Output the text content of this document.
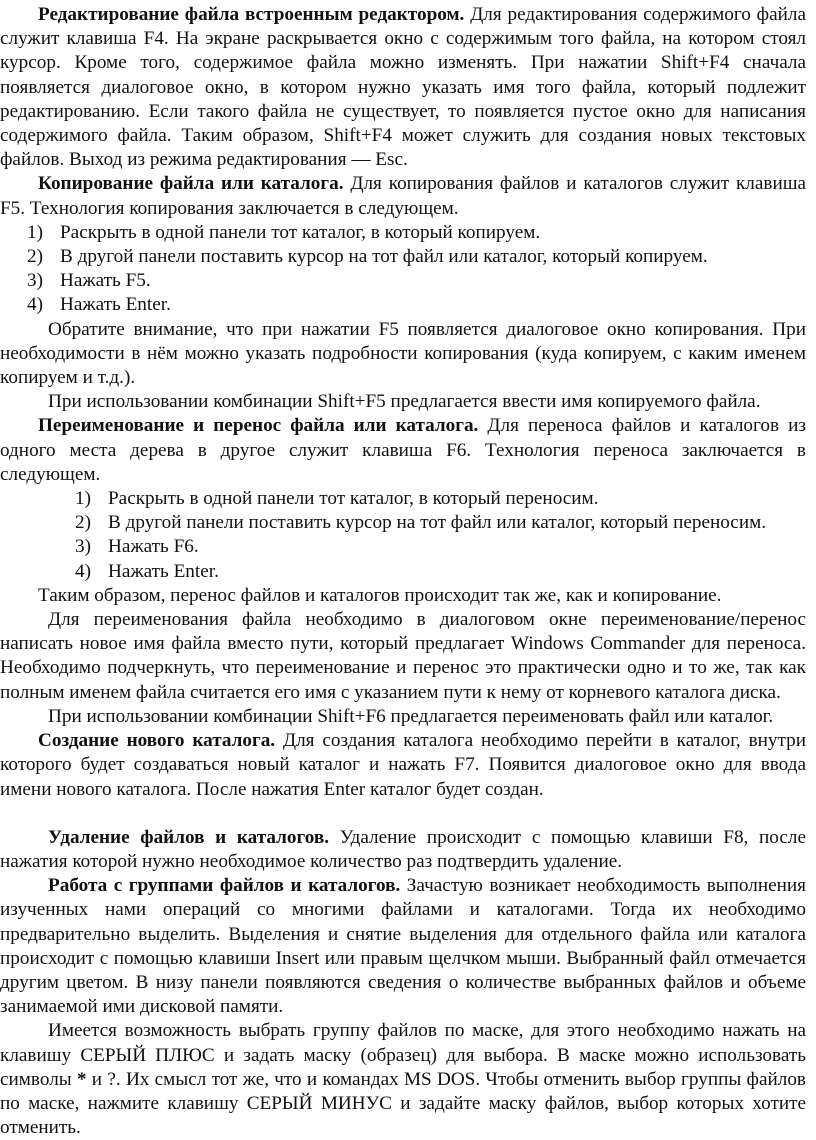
Редактирование файла встроенным редактором. Для редактирования содержимого файла служит клавиша F4. На экране раскрывается окно с содержимым того файла, на котором стоял курсор. Кроме того, содержимое файла можно изменять. При нажатии Shift+F4 сначала появляется диалоговое окно, в котором нужно указать имя того файла, который подлежит редактированию. Если такого файла не существует, то появляется пустое окно для написания содержимого файла. Таким образом, Shift+F4 может служить для создания новых текстовых файлов. Выход из режима редактирования — Esc.

Копирование файла или каталога. Для копирования файлов и каталогов служит клавиша F5. Технология копирования заключается в следующем.

1) Раскрыть в одной панели тот каталог, в который копируем.
2) В другой панели поставить курсор на тот файл или каталог, который копируем.
3) Нажать F5.
4) Нажать Enter.

Обратите внимание, что при нажатии F5 появляется диалоговое окно копирования. При необходимости в нём можно указать подробности копирования (куда копируем, с каким именем копируем и т.д.).

При использовании комбинации Shift+F5 предлагается ввести имя копируемого файла.

Переименование и перенос файла или каталога. Для переноса файлов и каталогов из одного места дерева в другое служит клавиша F6. Технология переноса заключается в следующем.

1) Раскрыть в одной панели тот каталог, в который переносим.
2) В другой панели поставить курсор на тот файл или каталог, который переносим.
3) Нажать F6.
4) Нажать Enter.

Таким образом, перенос файлов и каталогов происходит так же, как и копирование.

Для переименования файла необходимо в диалоговом окне переименование/перенос написать новое имя файла вместо пути, который предлагает Windows Commander для переноса. Необходимо подчеркнуть, что переименование и перенос это практически одно и то же, так как полным именем файла считается его имя с указанием пути к нему от корневого каталога диска.

При использовании комбинации Shift+F6 предлагается переименовать файл или каталог.

Создание нового каталога. Для создания каталога необходимо перейти в каталог, внутри которого будет создаваться новый каталог и нажать F7. Появится диалоговое окно для ввода имени нового каталога. После нажатия Enter каталог будет создан.

Удаление файлов и каталогов. Удаление происходит с помощью клавиши F8, после нажатия которой нужно необходимое количество раз подтвердить удаление.

Работа с группами файлов и каталогов. Зачастую возникает необходимость выполнения изученных нами операций со многими файлами и каталогами. Тогда их необходимо предварительно выделить. Выделения и снятие выделения для отдельного файла или каталога происходит с помощью клавиши Insert или правым щелчком мыши. Выбранный файл отмечается другим цветом. В низу панели появляются сведения о количестве выбранных файлов и объеме занимаемой ими дисковой памяти.

Имеется возможность выбрать группу файлов по маске, для этого необходимо нажать на клавишу СЕРЫЙ ПЛЮС и задать маску (образец) для выбора. В маске можно использовать символы * и ?. Их смысл тот же, что и командах MS DOS. Чтобы отменить выбор группы файлов по маске, нажмите клавишу СЕРЫЙ МИНУС и задайте маску файлов, выбор которых хотите отменить.
